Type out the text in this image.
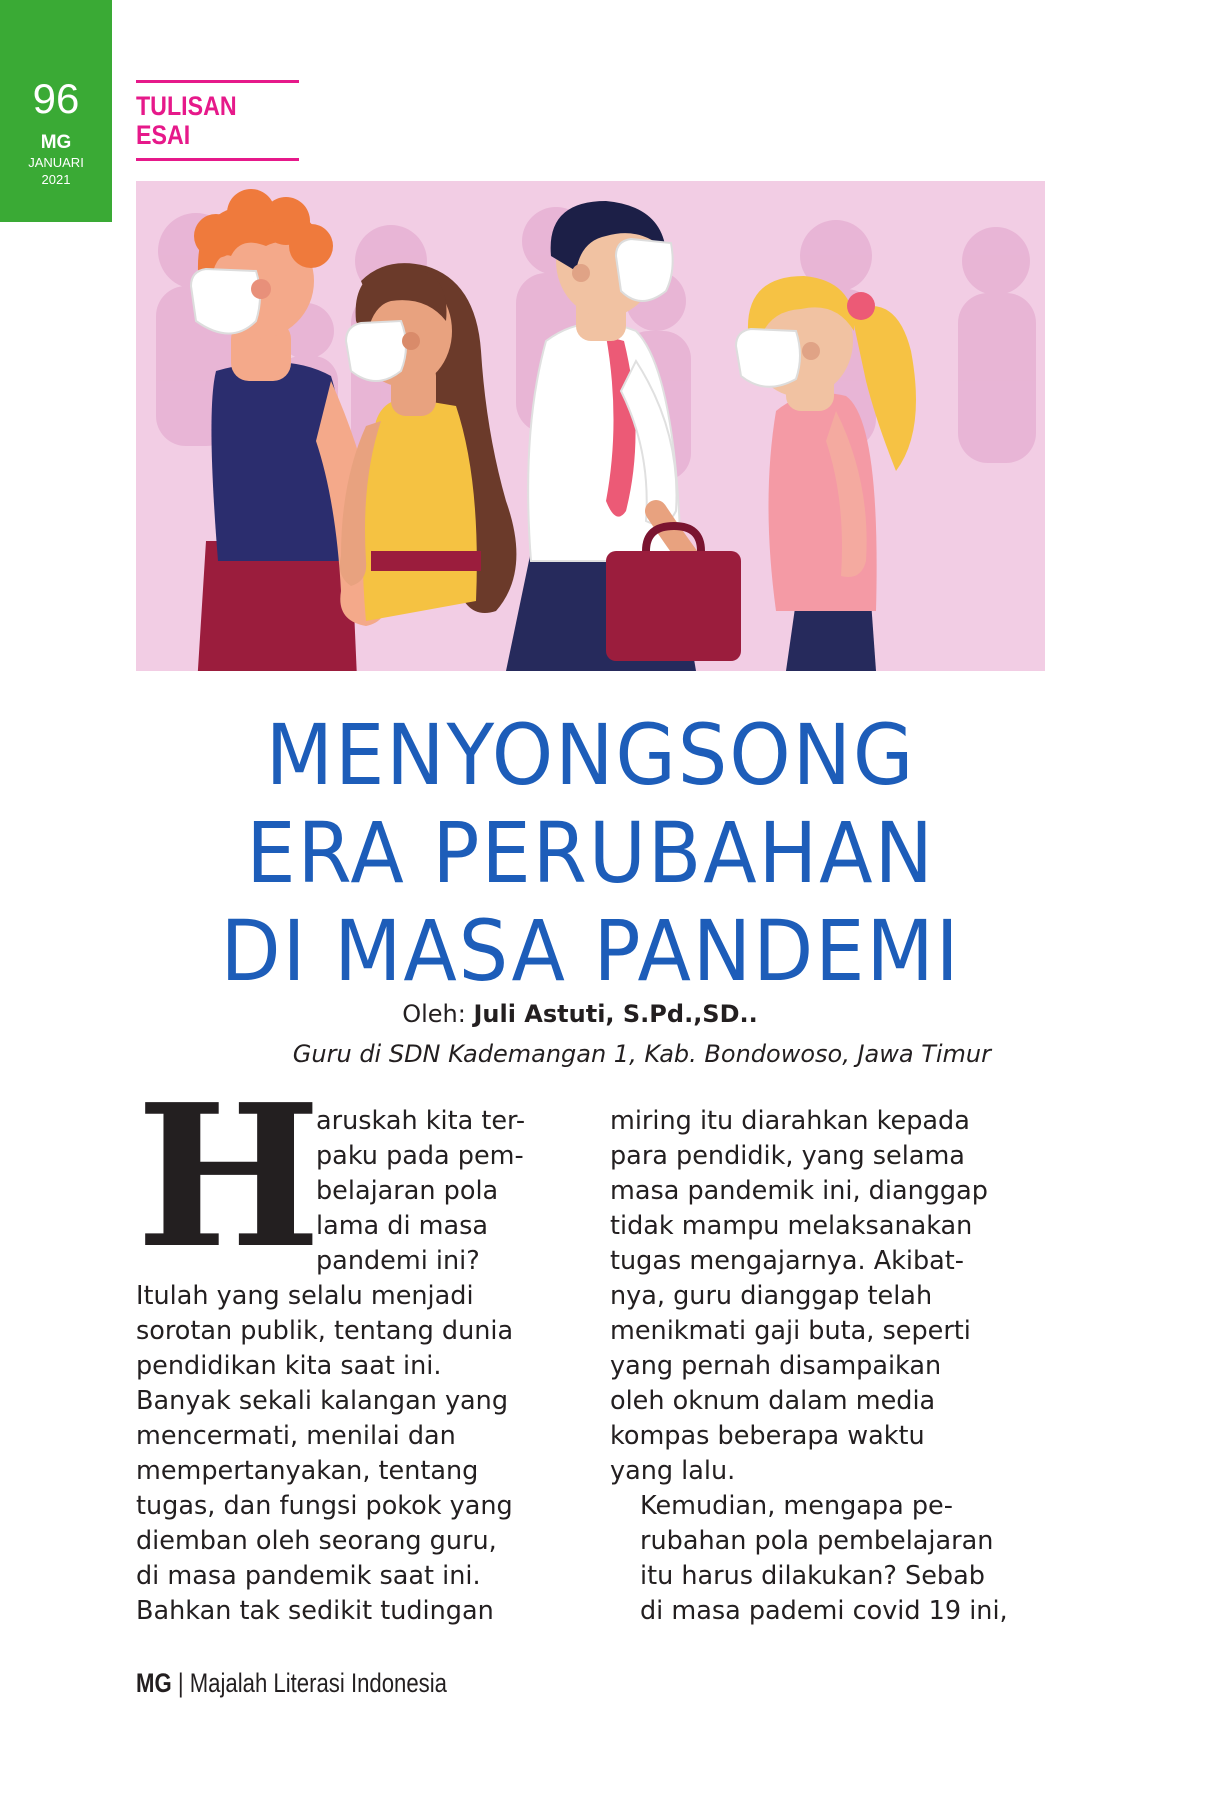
96
MG
JANUARI
2021
TULISAN
ESAI
MENYONGSONG
ERA PERUBAHAN
DI MASA PANDEMI
Oleh: Juli Astuti, S.Pd.,SD..
Guru di SDN Kademangan 1, Kab. Bondowoso, Jawa Timur
H
aruskah kita ter-
paku pada pem-
belajaran pola
lama di masa
pandemi ini?
Itulah yang selalu menjadi
sorotan publik, tentang dunia
pendidikan kita saat ini.
Banyak sekali kalangan yang
mencermati, menilai dan
mempertanyakan, tentang
tugas, dan fungsi pokok yang
diemban oleh seorang guru,
di masa pandemik saat ini.
Bahkan tak sedikit tudingan
miring itu diarahkan kepada
para pendidik, yang selama
masa pandemik ini, dianggap
tidak mampu melaksanakan
tugas mengajarnya. Akibat-
nya, guru dianggap telah
menikmati gaji buta, seperti
yang pernah disampaikan
oleh oknum dalam media
kompas beberapa waktu
yang lalu.
Kemudian, mengapa pe-
rubahan pola pembelajaran
itu harus dilakukan? Sebab
di masa pademi covid 19 ini,
MG | Majalah Literasi Indonesia
